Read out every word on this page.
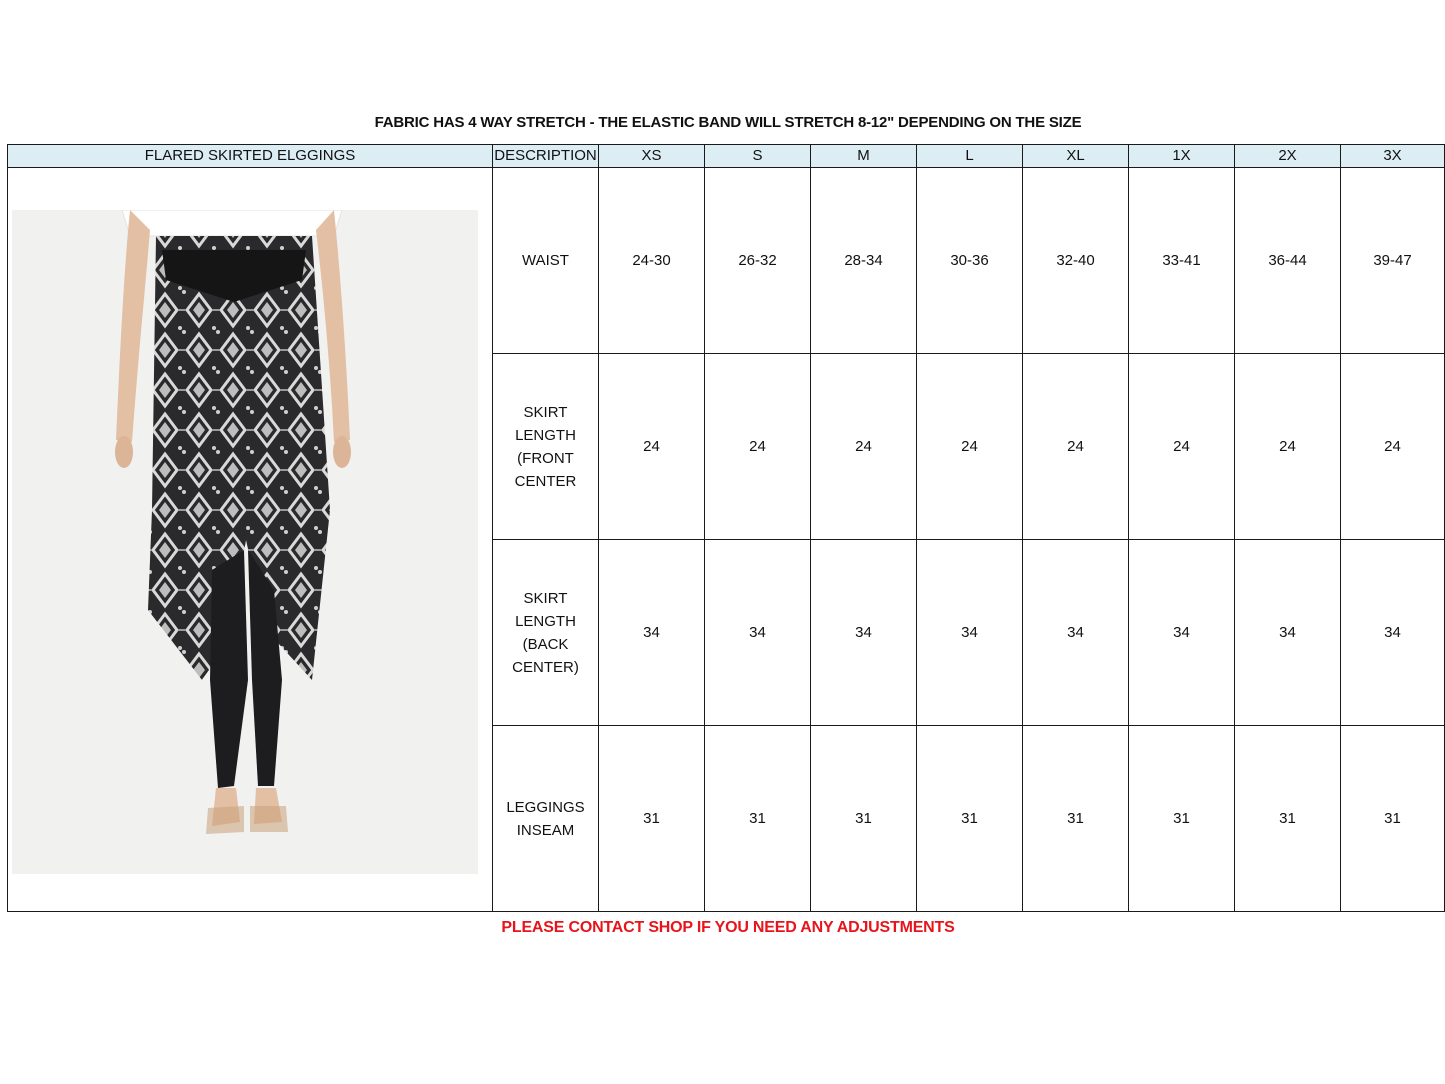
FABRIC HAS 4 WAY STRETCH - THE ELASTIC BAND WILL STRETCH 8-12" DEPENDING ON THE SIZE
FLARED SKIRTED ELGGINGS	DESCRIPTION	XS	S	M	L	XL	1X	2X	3X

WAIST	24-30	26-32	28-34	30-36	32-40	33-41	36-44	39-47

	SKIRT
LENGTH
(FRONT
CENTER	24	24	24	24	24	24	24	24

	SKIRT
LENGTH
(BACK
CENTER)	34	34	34	34	34	34	34	34

	LEGGINGS
INSEAM	31	31	31	31	31	31	31	31
PLEASE CONTACT SHOP IF YOU NEED ANY ADJUSTMENTS
